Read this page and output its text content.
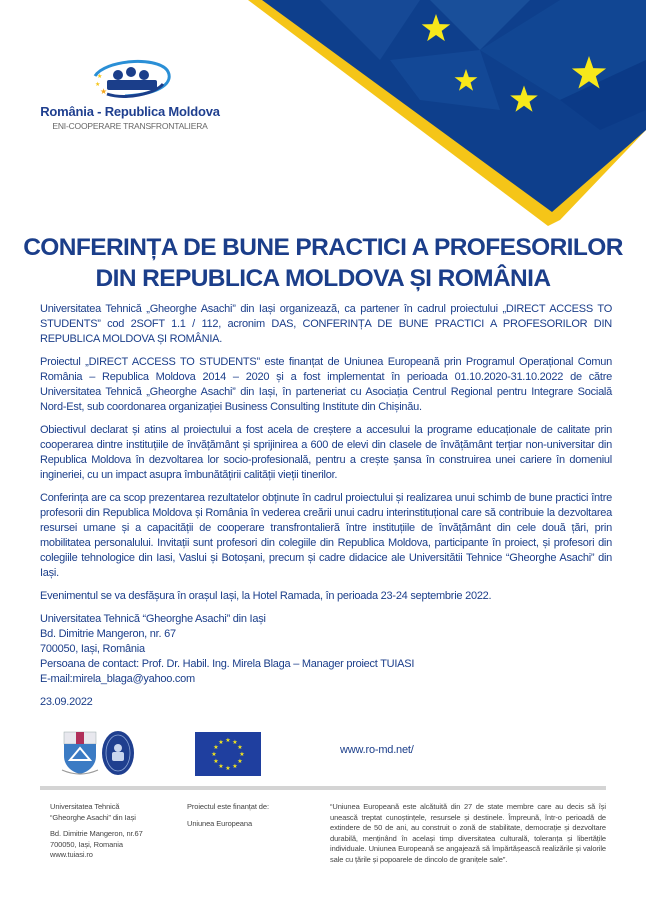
★
★
★
România - Republica Moldova
ENI-COOPERARE TRANSFRONTALIERA
CONFERINȚA DE BUNE PRACTICI A PROFESORILOR
DIN REPUBLICA MOLDOVA ȘI ROMÂNIA

Universitatea Tehnică „Gheorghe Asachi” din Iași organizează, ca partener în cadrul proiectului „DIRECT ACCESS TO STUDENTS” cod 2SOFT 1.1 / 112, acronim DAS, CONFERINȚA DE BUNE PRACTICI A PROFESORILOR DIN REPUBLICA MOLDOVA ȘI ROMÂNIA.

Proiectul „DIRECT ACCESS TO STUDENTS” este finanțat de Uniunea Europeană prin Programul Operațional Comun România – Republica Moldova 2014 – 2020 și a fost implementat în perioada 01.10.2020-31.10.2022 de către Universitatea Tehnică „Gheorghe Asachi” din Iași, în parteneriat cu Asociația Centrul Regional pentru Integrare Socială Nord-Est, sub coordonarea organizației Business Consulting Institute din Chișinău.

Obiectivul declarat și atins al proiectului a fost acela de creștere a accesului la programe educaționale de calitate prin cooperarea dintre instituțiile de învățământ și sprijinirea a 600 de elevi din clasele de învățământ terțiar non-universitar din Republica Moldova în dezvoltarea lor socio-profesională, pentru a crește șansa în construirea unei cariere în domeniul ingineriei, cu un impact asupra îmbunătățirii calității vieții tinerilor.

Conferința are ca scop prezentarea rezultatelor obținute în cadrul proiectului și realizarea unui schimb de bune practici între profesorii din Republica Moldova și România în vederea creării unui cadru interinstituțional care să contribuie la dezvoltarea resursei umane și a capacității de cooperare transfrontalieră între instituțiile de învățământ din cele două țări, prin mobilitatea personalului. Invitații sunt profesori din colegiile din Republica Moldova, participante în proiect, și profesori din colegiile tehnologice din Iasi, Vaslui și Botoșani, precum și cadre didacice ale Universitătii Tehnice “Gheorghe Asachi” din Iași.

Evenimentul se va desfășura în orașul Iași, la Hotel Ramada, în perioada 23-24 septembrie 2022.

Universitatea Tehnică “Gheorghe Asachi” din Iași

Bd. Dimitrie Mangeron, nr. 67

700050, Iași, România

Persoana de contact: Prof. Dr. Habil. Ing. Mirela Blaga – Manager proiect TUIASI

E-mail:mirela_blaga@yahoo.com

23.09.2022

★ ★
★
★
★
★
★
★
★
★
★
★
www.ro-md.net/

Universitatea Tehnică
“Gheorghe Asachi” din Iași

Bd. Dimitrie Mangeron, nr.67
700050, Iași, Romania
www.tuiasi.ro

Proiectul este finanțat de:

Uniunea Europeana

“Uniunea Europeană este alcătuită din 27 de state membre care au decis să își unească treptat cunoștințele, resursele și destinele. Împreună, într-o perioadă de extindere de 50 de ani, au construit o zonă de stabilitate, democrație și dezvoltare durabilă, menținând în același timp diversitatea culturală, toleranța și libertățile individuale. Uniunea Europeană se angajează să împărtășească realizările și valorile sale cu țările și popoarele de dincolo de granițele sale”.
